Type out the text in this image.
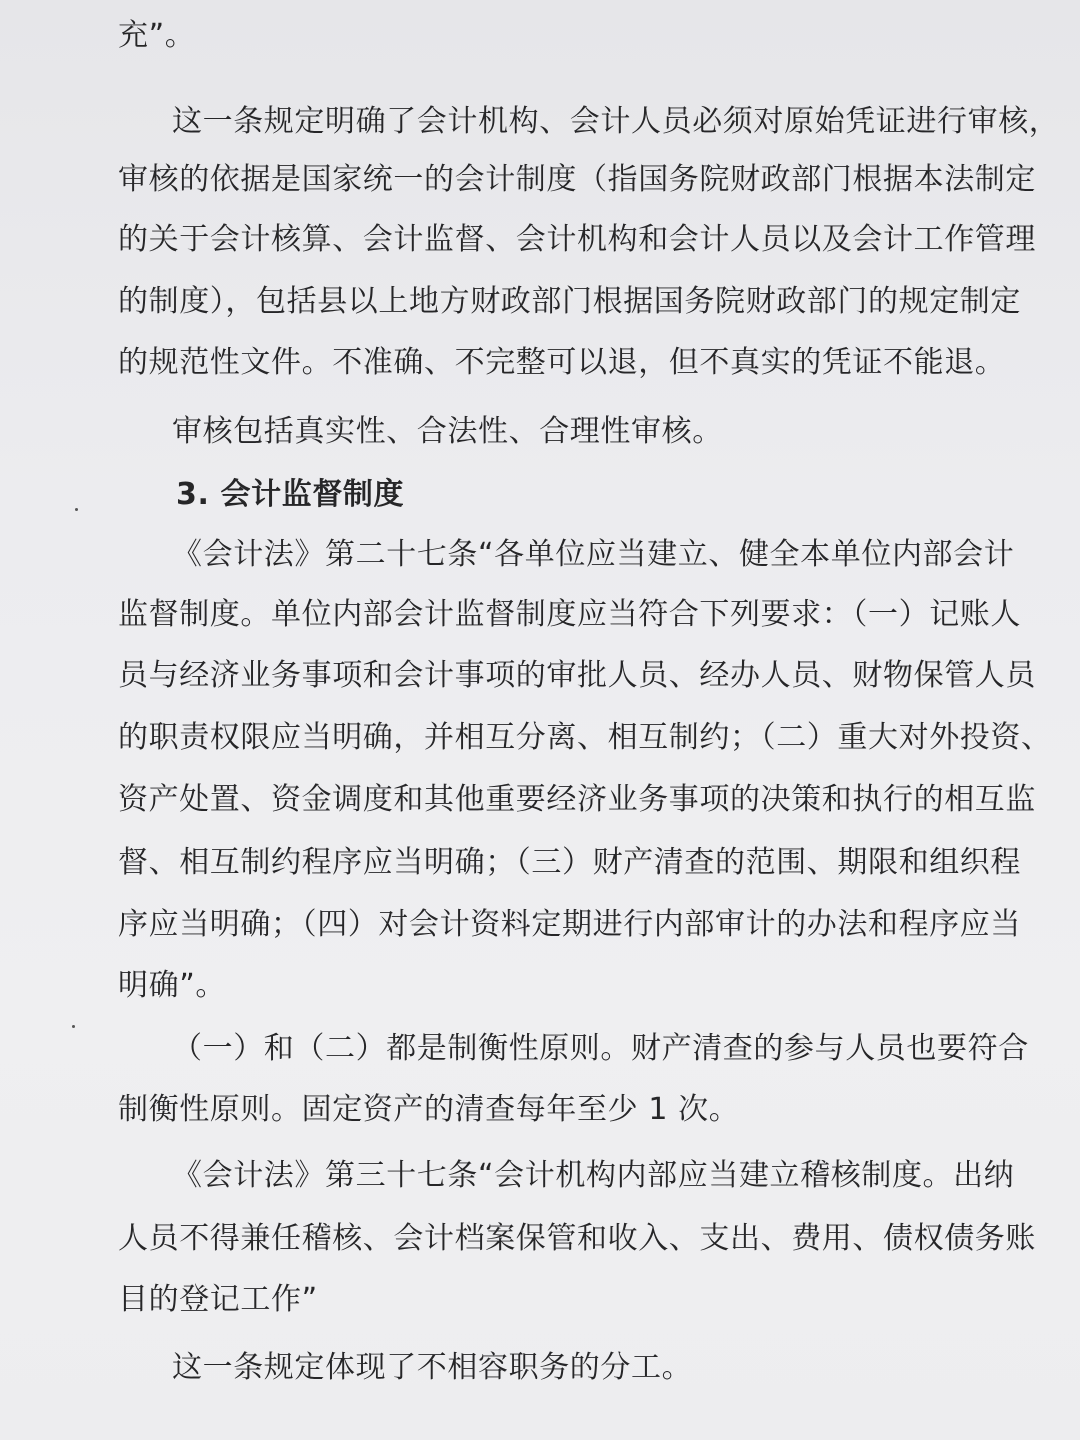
充”。
这一条规定明确了会计机构、会计人员必须对原始凭证进行审核，
审核的依据是国家统一的会计制度（指国务院财政部门根据本法制定
的关于会计核算、会计监督、会计机构和会计人员以及会计工作管理
的制度），包括县以上地方财政部门根据国务院财政部门的规定制定
的规范性文件。不准确、不完整可以退，但不真实的凭证不能退。
审核包括真实性、合法性、合理性审核。
3. 会计监督制度
《会计法》第二十七条“各单位应当建立、健全本单位内部会计
监督制度。单位内部会计监督制度应当符合下列要求：（一）记账人
员与经济业务事项和会计事项的审批人员、经办人员、财物保管人员
的职责权限应当明确，并相互分离、相互制约；（二）重大对外投资、
资产处置、资金调度和其他重要经济业务事项的决策和执行的相互监
督、相互制约程序应当明确；（三）财产清查的范围、期限和组织程
序应当明确；（四）对会计资料定期进行内部审计的办法和程序应当
明确”。
（一）和（二）都是制衡性原则。财产清查的参与人员也要符合
制衡性原则。固定资产的清查每年至少 1 次。
《会计法》第三十七条“会计机构内部应当建立稽核制度。出纳
人员不得兼任稽核、会计档案保管和收入、支出、费用、债权债务账
目的登记工作”
这一条规定体现了不相容职务的分工。
